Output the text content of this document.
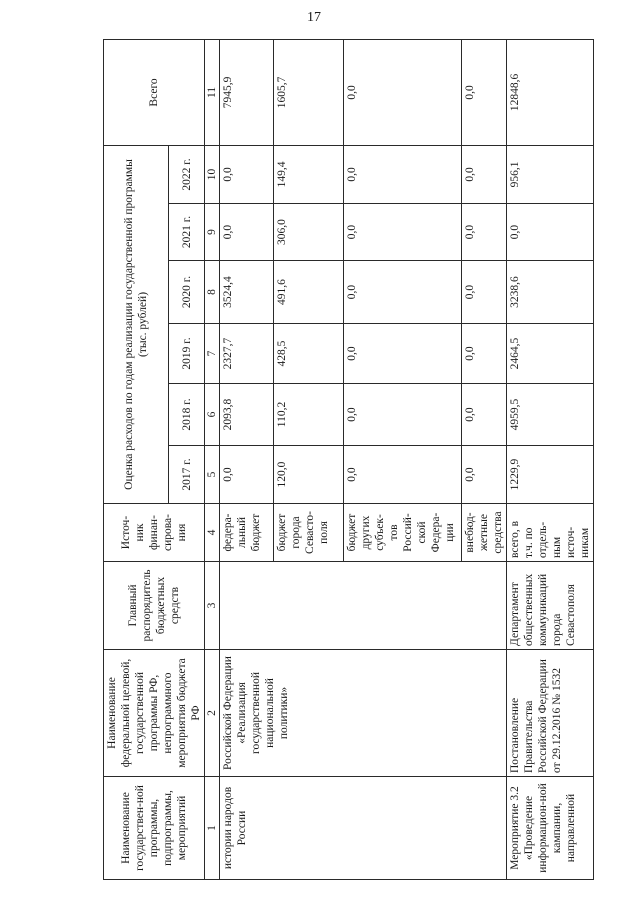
17
Наименование государствен-ной программы, подпрограммы, мероприятий	Наименование федеральной целевой, государственной программы РФ, непрограммного мероприятия бюджета РФ	Главный распорядитель бюджетных средств	Источ-ник финан-сирова-ния	Оценка расходов по годам реализации государственной программы (тыс. рублей)						Всего
				2017 г.	2018 г.	2019 г.	2020 г.	2021 г.	2022 г.	
1	2	3	4	5	6	7	8	9	10	11
истории народов России	Российской Федерации «Реализация государственной национальной политики»		федера-льный бюджет	0,0	2093,8	2327,7	3524,4	0,0	0,0	7945,9
			бюджет города Севасто-поля	120,0	110,2	428,5	491,6	306,0	149,4	1605,7
			бюджет других субъек-тов Россий-ской Федера-ции	0,0	0,0	0,0	0,0	0,0	0,0	0,0
			внебюд-жетные средства	0,0	0,0	0,0	0,0	0,0	0,0	0,0
Мероприятие 3.2 «Проведение информацион-ной кампании, направленной	Постановление Правительства Российской Федерации от 29.12.2016 № 1532	Департамент общественных коммуникаций города Севастополя	всего, в т.ч. по отдель-ным источ-никам	1229,9	4959,5	2464,5	3238,6	0,0	956,1	12848,6
